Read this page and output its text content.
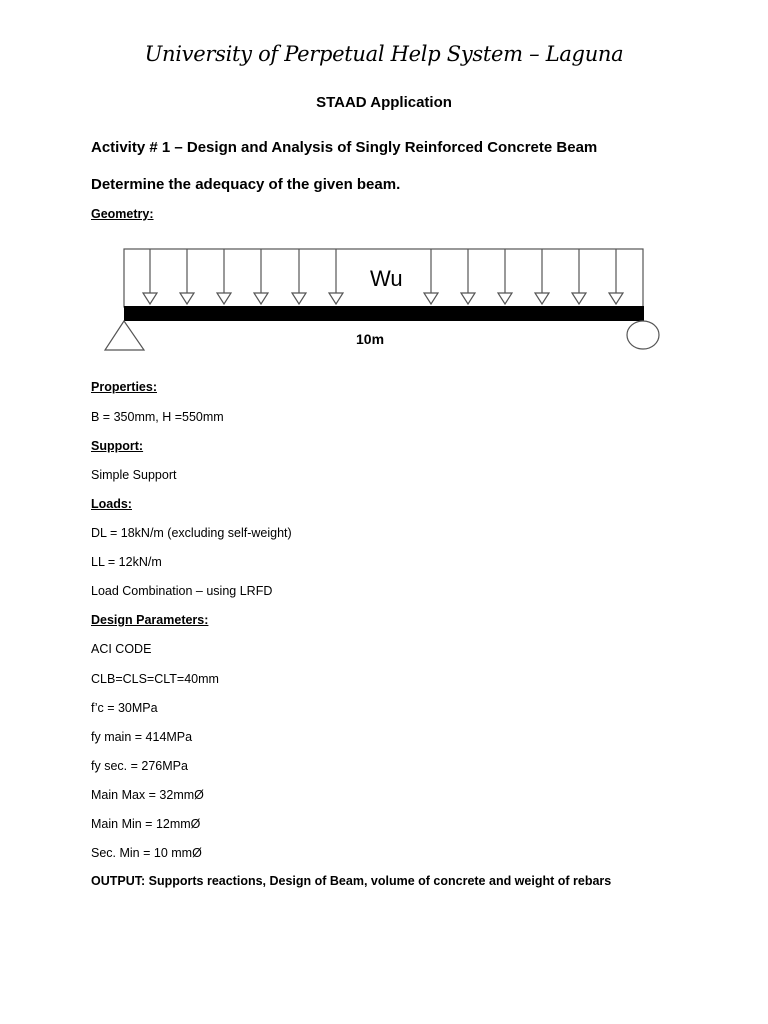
University of Perpetual Help System – Laguna
STAAD Application
Activity # 1 – Design and Analysis of Singly Reinforced Concrete Beam
Determine the adequacy of the given beam.
Geometry:
Wu
10m
Properties:
B = 350mm, H =550mm
Support:
Simple Support
Loads:
DL = 18kN/m (excluding self-weight)
LL = 12kN/m
Load Combination – using LRFD
Design Parameters:
ACI CODE
CLB=CLS=CLT=40mm
f’c = 30MPa
fy main = 414MPa
fy sec. = 276MPa
Main Max = 32mmØ
Main Min = 12mmØ
Sec. Min = 10 mmØ
OUTPUT: Supports reactions, Design of Beam, volume of concrete and weight of rebars
